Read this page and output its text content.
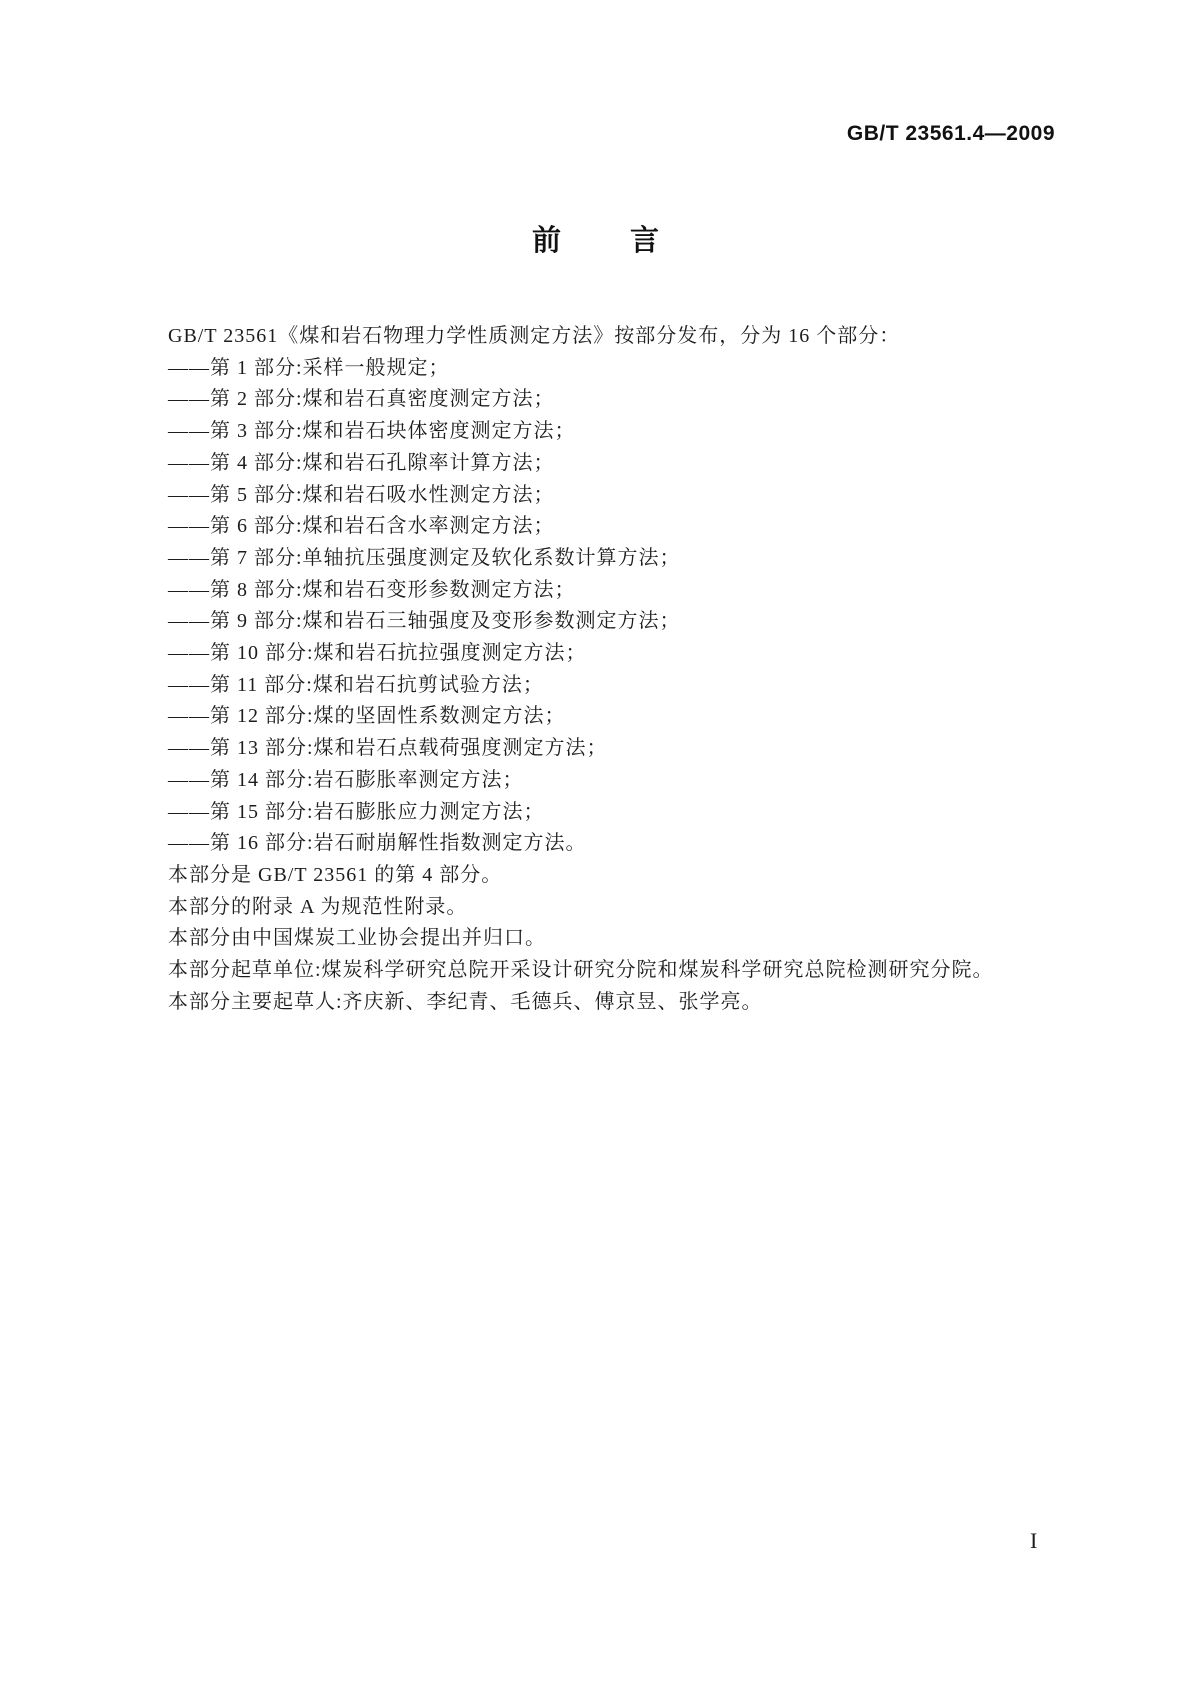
GB/T 23561.4—2009
前 言

GB/T 23561《煤和岩石物理力学性质测定方法》按部分发布，分为 16 个部分：

——第 1 部分:采样一般规定；

——第 2 部分:煤和岩石真密度测定方法；

——第 3 部分:煤和岩石块体密度测定方法；

——第 4 部分:煤和岩石孔隙率计算方法；

——第 5 部分:煤和岩石吸水性测定方法；

——第 6 部分:煤和岩石含水率测定方法；

——第 7 部分:单轴抗压强度测定及软化系数计算方法；

——第 8 部分:煤和岩石变形参数测定方法；

——第 9 部分:煤和岩石三轴强度及变形参数测定方法；

——第 10 部分:煤和岩石抗拉强度测定方法；

——第 11 部分:煤和岩石抗剪试验方法；

——第 12 部分:煤的坚固性系数测定方法；

——第 13 部分:煤和岩石点载荷强度测定方法；

——第 14 部分:岩石膨胀率测定方法；

——第 15 部分:岩石膨胀应力测定方法；

——第 16 部分:岩石耐崩解性指数测定方法。

本部分是 GB/T 23561 的第 4 部分。

本部分的附录 A 为规范性附录。

本部分由中国煤炭工业协会提出并归口。

本部分起草单位:煤炭科学研究总院开采设计研究分院和煤炭科学研究总院检测研究分院。

本部分主要起草人:齐庆新、李纪青、毛德兵、傅京昱、张学亮。

I
